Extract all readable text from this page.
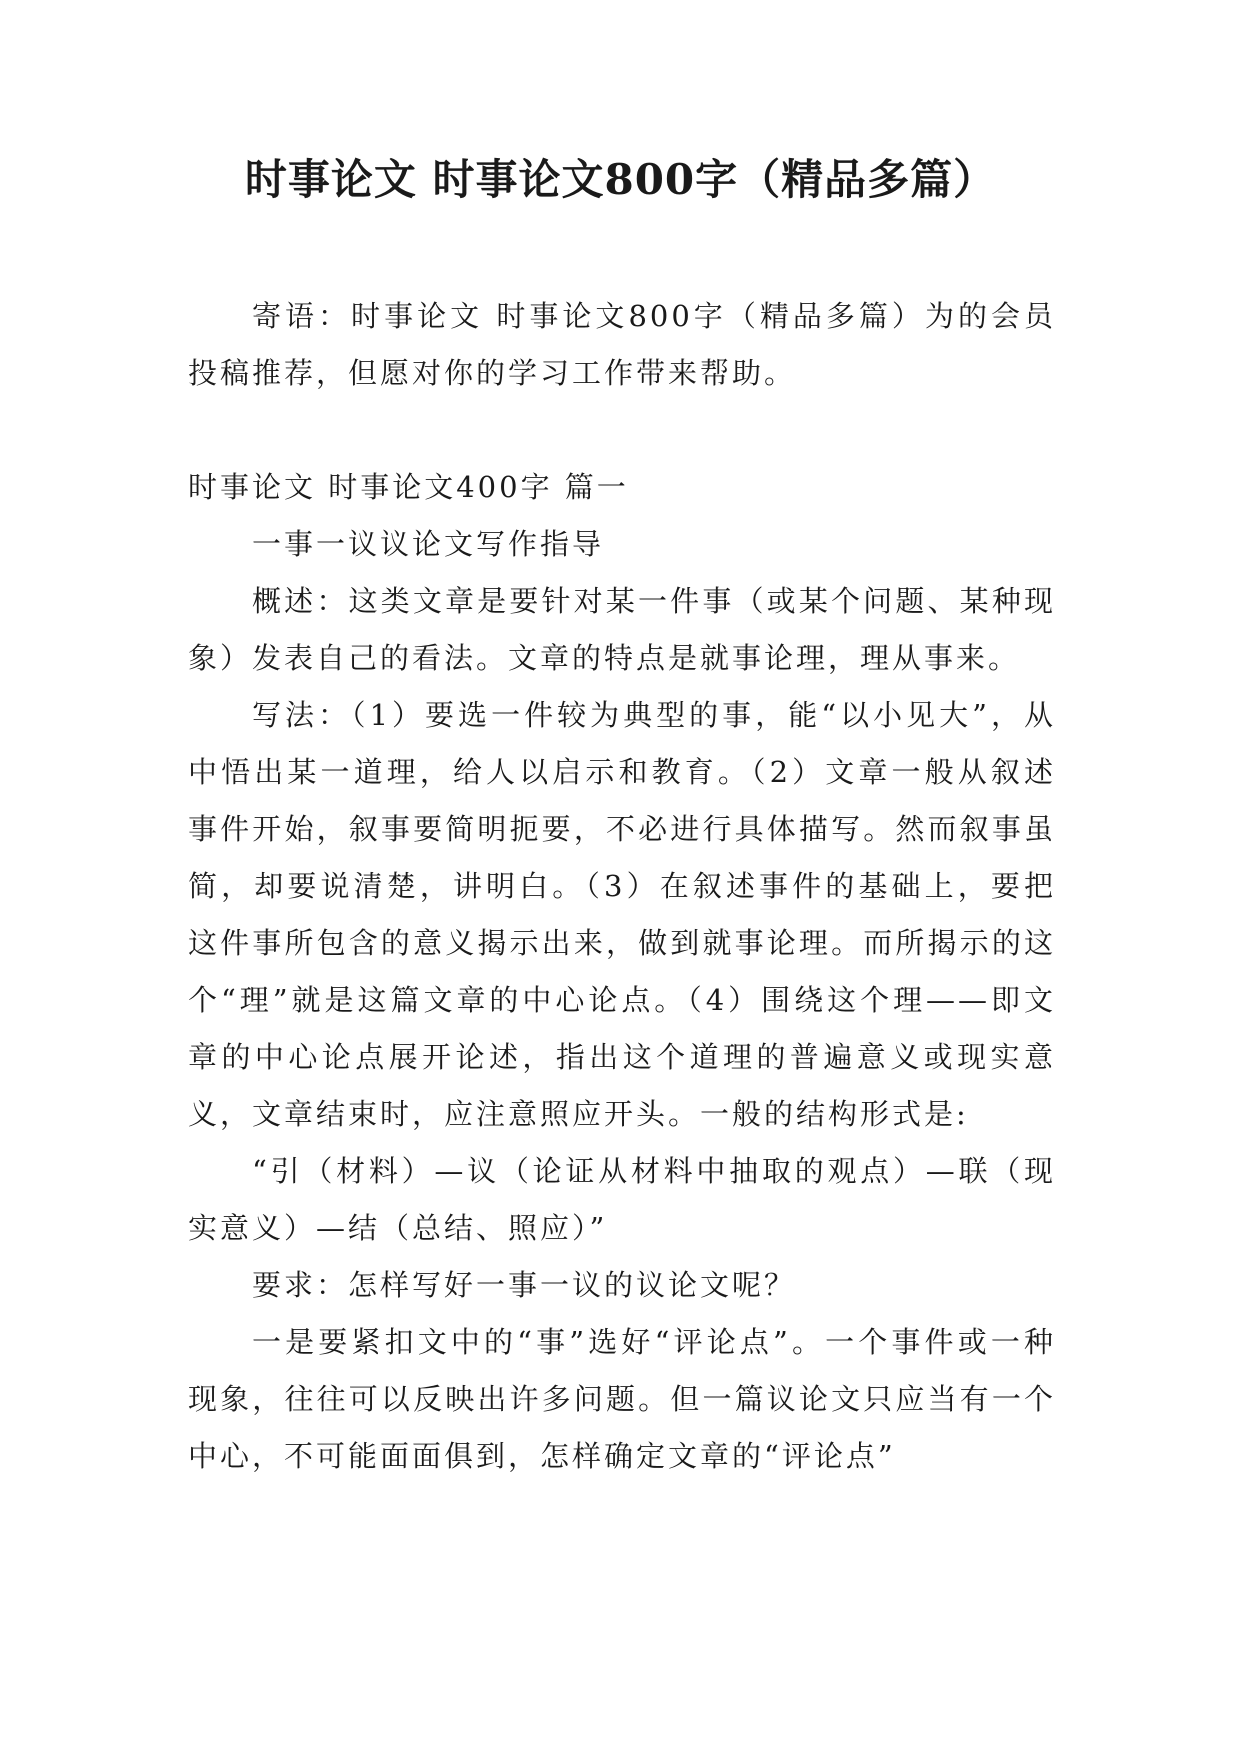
时事论文 时事论文800字（精品多篇）

寄语：时事论文 时事论文800字（精品多篇）为的会员投稿推荐，但愿对你的学习工作带来帮助。

时事论文 时事论文400字 篇一

一事一议议论文写作指导

概述：这类文章是要针对某一件事（或某个问题、某种现象）发表自己的看法。文章的特点是就事论理，理从事来。

写法：（1）要选一件较为典型的事，能“以小见大”，从中悟出某一道理，给人以启示和教育。（2）文章一般从叙述事件开始，叙事要简明扼要，不必进行具体描写。然而叙事虽简，却要说清楚，讲明白。（3）在叙述事件的基础上，要把这件事所包含的意义揭示出来，做到就事论理。而所揭示的这个“理”就是这篇文章的中心论点。（4）围绕这个理——即文章的中心论点展开论述，指出这个道理的普遍意义或现实意义，文章结束时，应注意照应开头。一般的结构形式是:

“引（材料）—议（论证从材料中抽取的观点）—联（现实意义）—结（总结、照应）”

要求：怎样写好一事一议的议论文呢？

一是要紧扣文中的“事”选好“评论点”。一个事件或一种现象，往往可以反映出许多问题。但一篇议论文只应当有一个中心，不可能面面俱到，怎样确定文章的“评论点”
